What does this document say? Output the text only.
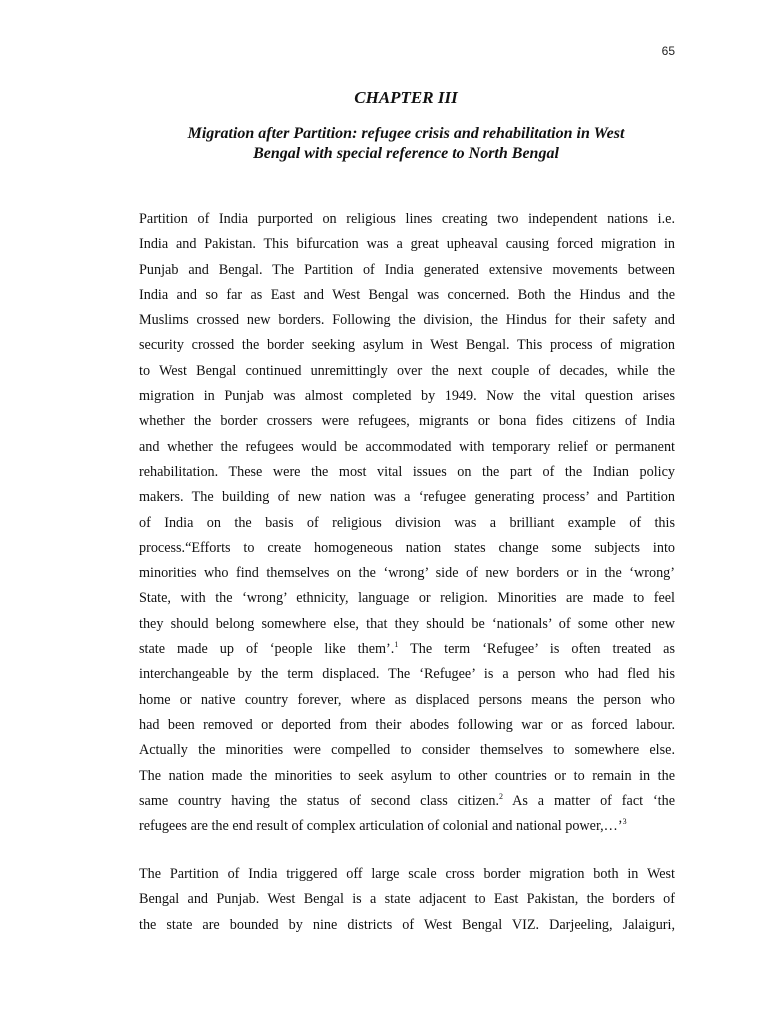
65
CHAPTER III
Migration after Partition: refugee crisis and rehabilitation in West
Bengal with special reference to North Bengal
Partition of India purported on religious lines creating two independent nations i.e.
India and Pakistan. This bifurcation was a great upheaval causing forced migration in
Punjab and Bengal. The Partition of India generated extensive movements between
India and so far as East and West Bengal was concerned. Both the Hindus and the
Muslims crossed new borders. Following the division, the Hindus for their safety and
security crossed the border seeking asylum in West Bengal. This process of migration
to West Bengal continued unremittingly over the next couple of decades, while the
migration in Punjab was almost completed by 1949. Now the vital question arises
whether the border crossers were refugees, migrants or bona fides citizens of India
and whether the refugees would be accommodated with temporary relief or permanent
rehabilitation. These were the most vital issues on the part of the Indian policy
makers. The building of new nation was a ‘refugee generating process’ and Partition
of India on the basis of religious division was a brilliant example of this
process.“Efforts to create homogeneous nation states change some subjects into
minorities who find themselves on the ‘wrong’ side of new borders or in the ‘wrong’
State, with the ‘wrong’ ethnicity, language or religion. Minorities are made to feel
they should belong somewhere else, that they should be ‘nationals’ of some other new
state made up of ‘people like them’.$^1$ The term ‘Refugee’ is often treated as
interchangeable by the term displaced. The ‘Refugee’ is a person who had fled his
home or native country forever, where as displaced persons means the person who
had been removed or deported from their abodes following war or as forced labour.
Actually the minorities were compelled to consider themselves to somewhere else.
The nation made the minorities to seek asylum to other countries or to remain in the
same country having the status of second class citizen.$^2$ As a matter of fact ‘the
refugees are the end result of complex articulation of colonial and national power,…’$^3$
The Partition of India triggered off large scale cross border migration both in West
Bengal and Punjab. West Bengal is a state adjacent to East Pakistan, the borders of
the state are bounded by nine districts of West Bengal VIZ. Darjeeling, Jalaiguri,
